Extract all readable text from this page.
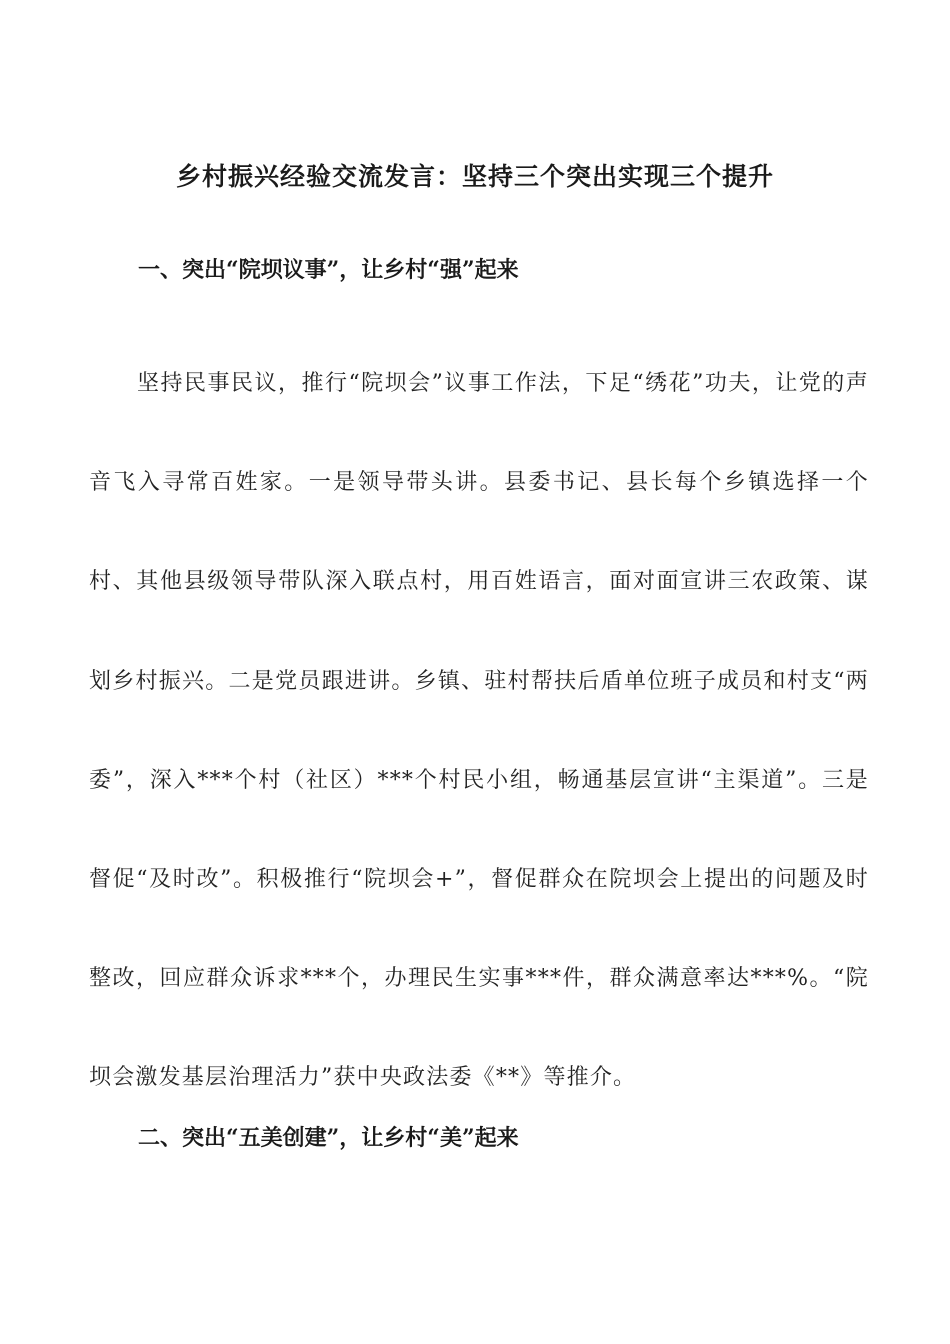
乡村振兴经验交流发言：坚持三个突出实现三个提升
一、突出“院坝议事”，让乡村“强”起来

坚持民事民议，推行“院坝会”议事工作法，下足“绣花”功夫，让党的声音飞入寻常百姓家。一是领导带头讲。县委书记、县长每个乡镇选择一个村、其他县级领导带队深入联点村，用百姓语言，面对面宣讲三农政策、谋划乡村振兴。二是党员跟进讲。乡镇、驻村帮扶后盾单位班子成员和村支“两委”，深入***个村（社区）***个村民小组，畅通基层宣讲“主渠道”。三是督促“及时改”。积极推行“院坝会+”，督促群众在院坝会上提出的问题及时整改，回应群众诉求***个，办理民生实事***件，群众满意率达***%。“院坝会激发基层治理活力”获中央政法委《**》等推介。

二、突出“五美创建”，让乡村“美”起来
